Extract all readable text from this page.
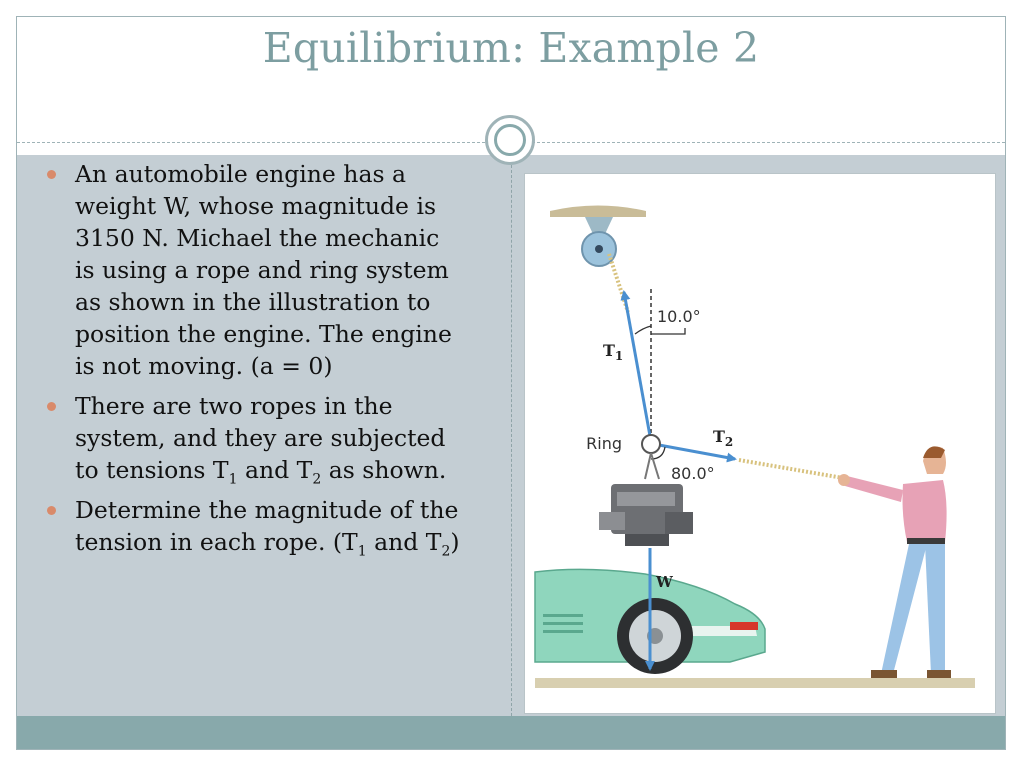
Equilibrium: Example 2
An automobile engine has a weight W, whose magnitude is 3150 N. Michael the mechanic is using a rope and ring system as shown in the illustration to position the engine. The engine is not moving. (a = 0)
There are two ropes in the system, and they are subjected to tensions $T_1$ and $T_2$ as shown.
Determine the magnitude of the tension in each rope. ($T_1$ and $T_2$)
10.0°
$T_1$
Ring	$T_2$
80.0°
W
